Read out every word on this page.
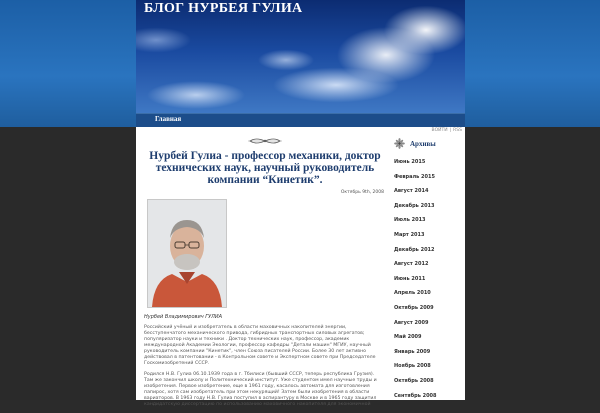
БЛОГ НУРБЕЯ ГУЛИА
Главная
ВОЙТИ | RSS
Нурбей Гулиа - профессор механики, доктор технических наук, научный руководитель компании “Кинетик”.
Октябрь 9th, 2008
Нурбей Владимирович ГУЛИА

Российский учёный и изобретатель в области маховичных накопителей энергии, бесступенчатого механического привода, гибридных транспортных силовых агрегатов; популяризатор науки и техники . Доктор технических наук, профессор, академик международной Академии Экологии, профессор кафедры "Детали машин" МГИУ, научный руководитель компании "Кинетик", член Союза писателей России. Более 30 лет активно действовал в патентовании - в Контрольном совете и Экспертном совете при Председателе Госкомизобретений СССР.

Родился Н.В. Гулиа 06.10.1939 года в г. Тбилиси (бывший СССР, теперь республика Грузия). Там же закончил школу и Политехнический институт. Уже студентом имел научные труды и изобретения. Первое изобретение, еще в 1961 году, касалось автомата для изготовления папирос, хотя сам изобретатель при этом некурящий! Затем были изобретения в области вариаторов. В 1963 году Н.В. Гулиа поступил в аспирантуру в Москве и в 1965 году защитил кандидатскую диссертацию по использованию маховичного накопителя для экономичной

Архивы
Июнь 2015
Февраль 2015
Август 2014
Декабрь 2013
Июль 2013
Март 2013
Декабрь 2012
Август 2012
Июнь 2011
Апрель 2010
Октябрь 2009
Август 2009
Май 2009
Январь 2009
Ноябрь 2008
Октябрь 2008
Сентябрь 2008
